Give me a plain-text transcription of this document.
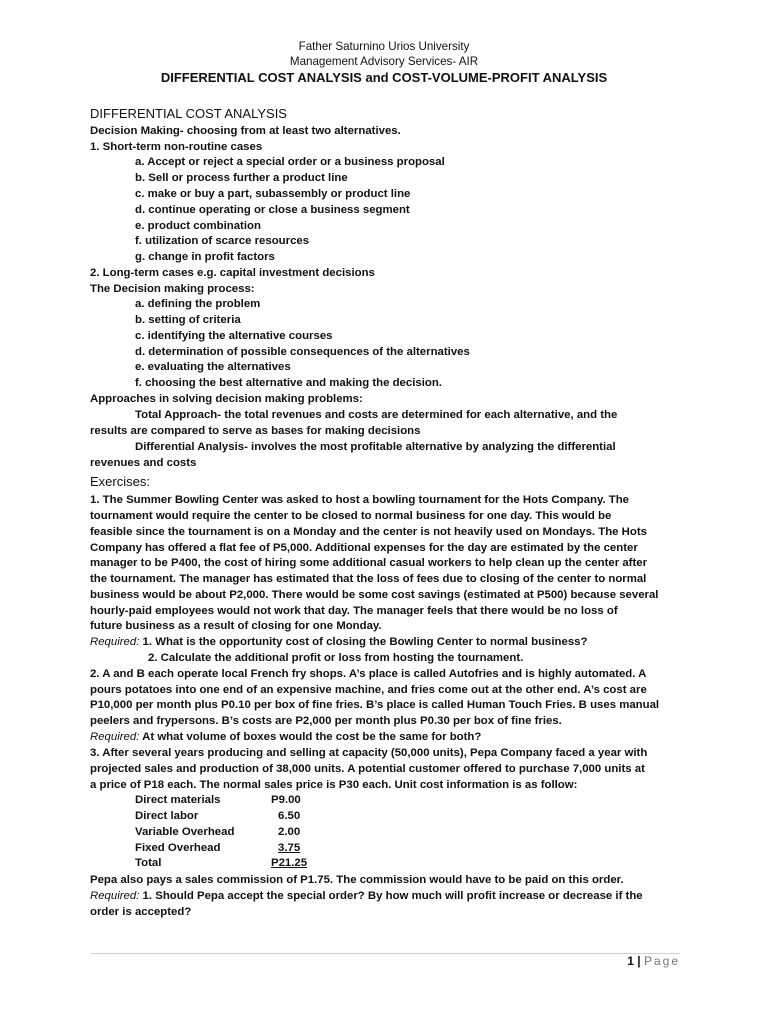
Father Saturnino Urios University
Management Advisory Services- AIR
DIFFERENTIAL COST ANALYSIS and COST-VOLUME-PROFIT ANALYSIS
DIFFERENTIAL COST ANALYSIS
Decision Making- choosing from at least two alternatives.
1. Short-term non-routine cases
a. Accept or reject a special order or a business proposal
b. Sell or process further a product line
c. make or buy a part, subassembly or product line
d. continue operating or close a business segment
e. product combination
f. utilization of scarce resources
g. change in profit factors
2. Long-term cases e.g. capital investment decisions
The Decision making process:
a. defining the problem
b. setting of criteria
c. identifying the alternative courses
d. determination of possible consequences of the alternatives
e. evaluating the alternatives
f. choosing the best alternative and making the decision.
Approaches in solving decision making problems:
Total Approach- the total revenues and costs are determined for each alternative, and the
results are compared to serve as bases for making decisions
Differential Analysis- involves the most profitable alternative by analyzing the differential
revenues and costs
Exercises:
1. The Summer Bowling Center was asked to host a bowling tournament for the Hots Company. The
tournament would require the center to be closed to normal business for one day. This would be
feasible since the tournament is on a Monday and the center is not heavily used on Mondays. The Hots
Company has offered a flat fee of P5,000. Additional expenses for the day are estimated by the center
manager to be P400, the cost of hiring some additional casual workers to help clean up the center after
the tournament. The manager has estimated that the loss of fees due to closing of the center to normal
business would be about P2,000. There would be some cost savings (estimated at P500) because several
hourly-paid employees would not work that day. The manager feels that there would be no loss of
future business as a result of closing for one Monday.
Required: 1. What is the opportunity cost of closing the Bowling Center to normal business?
2. Calculate the additional profit or loss from hosting the tournament.
2. A and B each operate local French fry shops. A’s place is called Autofries and is highly automated. A
pours potatoes into one end of an expensive machine, and fries come out at the other end. A’s cost are
P10,000 per month plus P0.10 per box of fine fries. B’s place is called Human Touch Fries. B uses manual
peelers and frypersons. B’s costs are P2,000 per month plus P0.30 per box of fine fries.
Required: At what volume of boxes would the cost be the same for both?
3. After several years producing and selling at capacity (50,000 units), Pepa Company faced a year with
projected sales and production of 38,000 units. A potential customer offered to purchase 7,000 units at
a price of P18 each. The normal sales price is P30 each. Unit cost information is as follow:
Direct materials	P9.00
Direct labor	6.50
Variable Overhead	2.00
Fixed Overhead	3.75
Total	P21.25
Pepa also pays a sales commission of P1.75. The commission would have to be paid on this order.
Required: 1. Should Pepa accept the special order? By how much will profit increase or decrease if the
order is accepted?
1 | Page
